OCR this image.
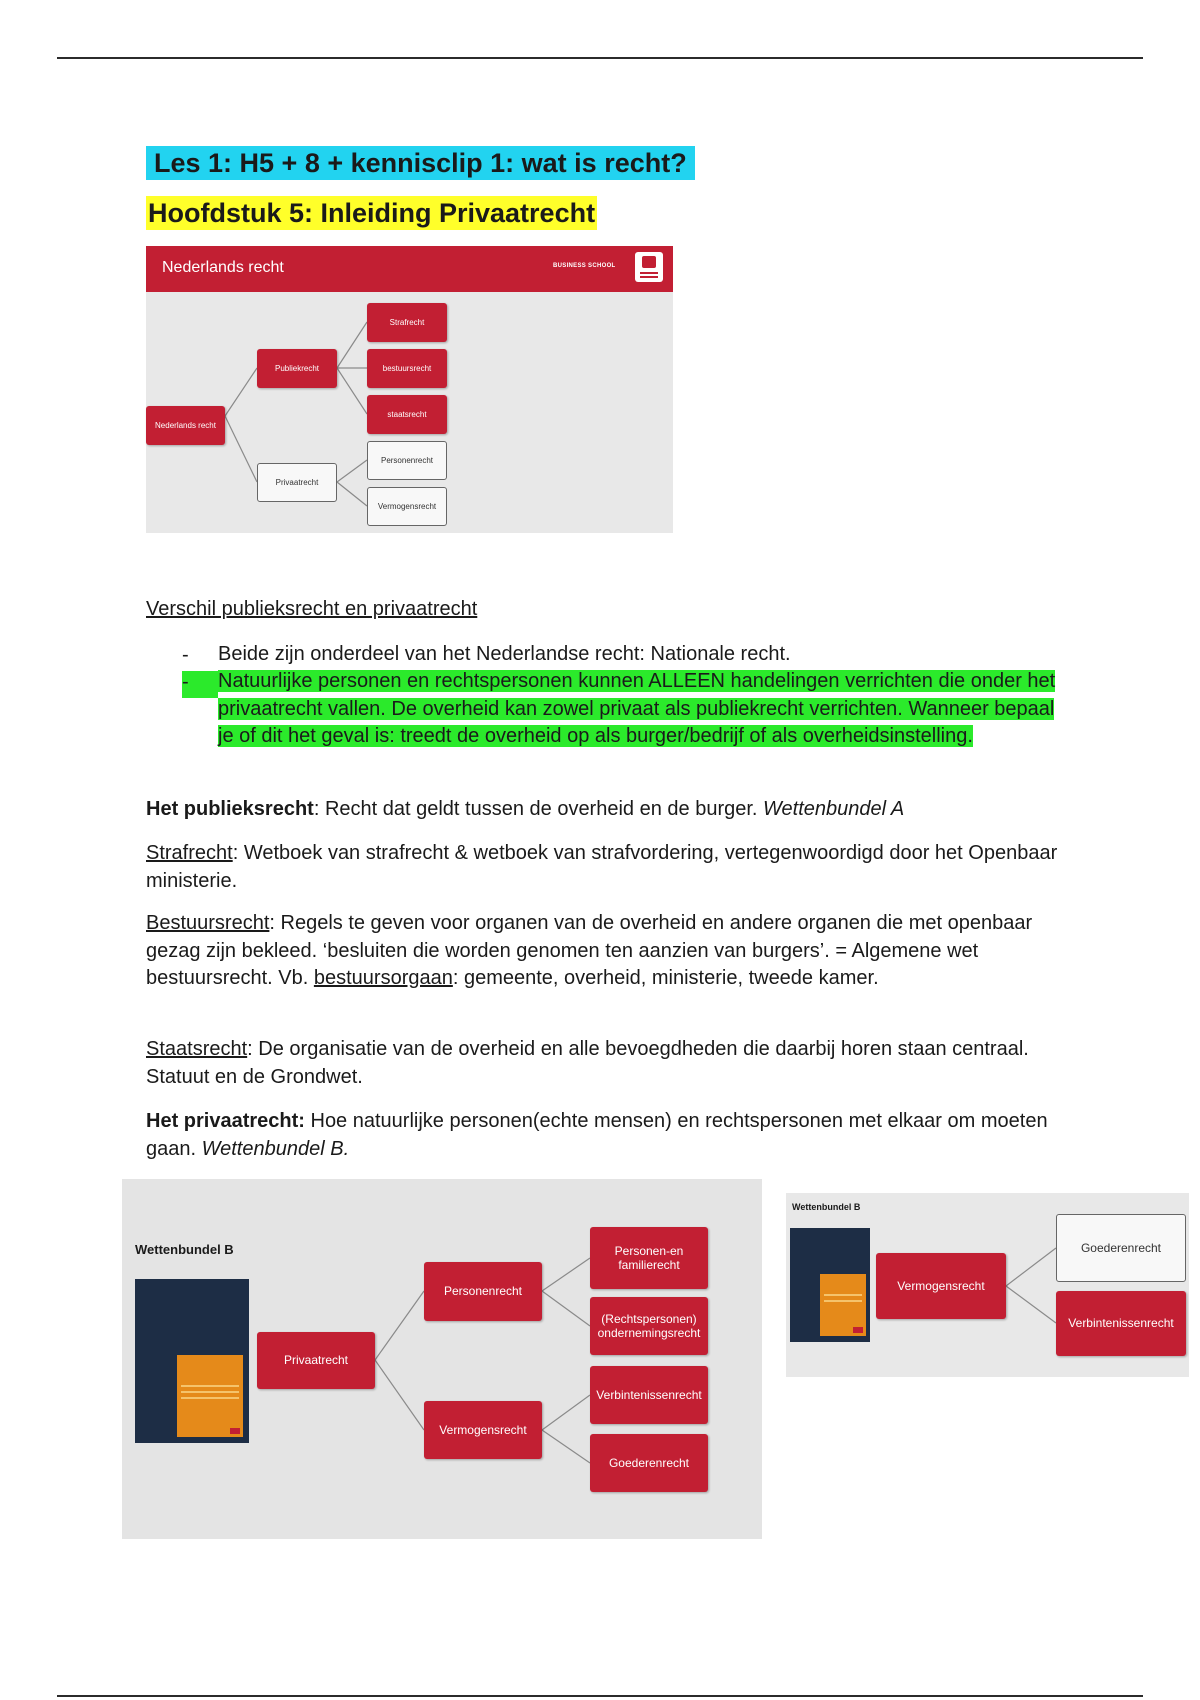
Les 1: H5 + 8 + kennisclip 1: wat is recht?
Hoofdstuk 5: Inleiding Privaatrecht
Nederlands recht	BUSINESS SCHOOL
Nederlands recht
Publiekrecht
Privaatrecht
Strafrecht
bestuursrecht
staatsrecht
Personenrecht
Vermogensrecht
Verschil publieksrecht en privaatrecht
- Beide zijn onderdeel van het Nederlandse recht: Nationale recht.
-	Natuurlijke personen en rechtspersonen kunnen ALLEEN handelingen verrichten die onder het privaatrecht vallen. De overheid kan zowel privaat als publiekrecht verrichten. Wanneer bepaal je of dit het geval is: treedt de overheid op als burger/bedrijf of als overheidsinstelling.
Het publieksrecht: Recht dat geldt tussen de overheid en de burger. Wettenbundel A
Strafrecht: Wetboek van strafrecht & wetboek van strafvordering, vertegenwoordigd door het Openbaar ministerie.
Bestuursrecht: Regels te geven voor organen van de overheid en andere organen die met openbaar gezag zijn bekleed. ‘besluiten die worden genomen ten aanzien van burgers’. = Algemene wet bestuursrecht. Vb. bestuursorgaan: gemeente, overheid, ministerie, tweede kamer.
Staatsrecht: De organisatie van de overheid en alle bevoegdheden die daarbij horen staan centraal. Statuut en de Grondwet.
Het privaatrecht: Hoe natuurlijke personen(echte mensen) en rechtspersonen met elkaar om moeten gaan. Wettenbundel B.
Wettenbundel B
Privaatrecht
Personenrecht
Vermogensrecht
Personen-en familierecht
(Rechtspersonen) ondernemingsrecht
Verbintenissenrecht
Goederenrecht
Wettenbundel B
Vermogensrecht
Goederenrecht
Verbintenissenrecht
